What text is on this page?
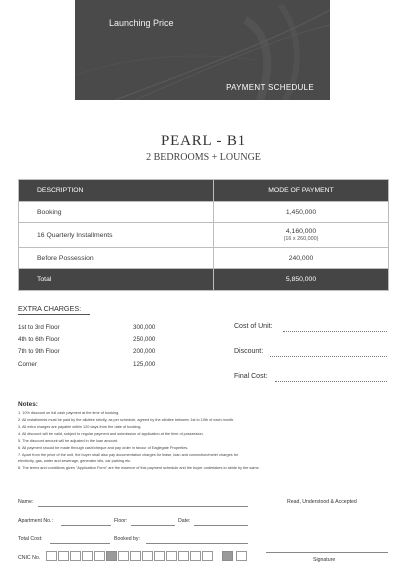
Launching Price
PAYMENT SCHEDULE
PEARL - B1
2 BEDROOMS + LOUNGE
DESCRIPTION	MODE OF PAYMENT
Booking	1,450,000
16 Quarterly Installments	4,160,000
(16 x 260,000)

Before Possession	240,000
Total	5,850,000
EXTRA CHARGES:
1st to 3rd Floor	300,000
4th to 6th Floor	250,000
7th to 9th Floor	200,000
Corner	125,000
Cost of Unit:
Discount:
Final Cost:
Notes:
1. 10% discount on full cash payment at the time of booking.
2. All installments must be paid by the allottee strictly, as per schedule, agreed by the allottee between 1st to 10th of each month.
3. All extra charges are payable within 120 days from the date of booking.
4. All discount will be valid, subject to regular payment and submission of application at the time of possession.
5. The discount amount will be adjusted in the loan amount.
6. All payment should be made through cash/cheque and pay order in favour of Eaglegate Properties.
7. Apart from the price of the unit, the buyer shall also pay documentation charges for lease, loan and connection/meter charges for
electricity, gas, water and sewerage, generator kits, car parking etc.
8. The terms and conditions given "Application Form" are the essence of this payment schedule and the buyer undertakes to abide by the same.
Name:	Read, Understood & Accepted
Apartment No.:	Floor:	Date:
Total Cost:	Booked by:
CNIC No.	Signature
